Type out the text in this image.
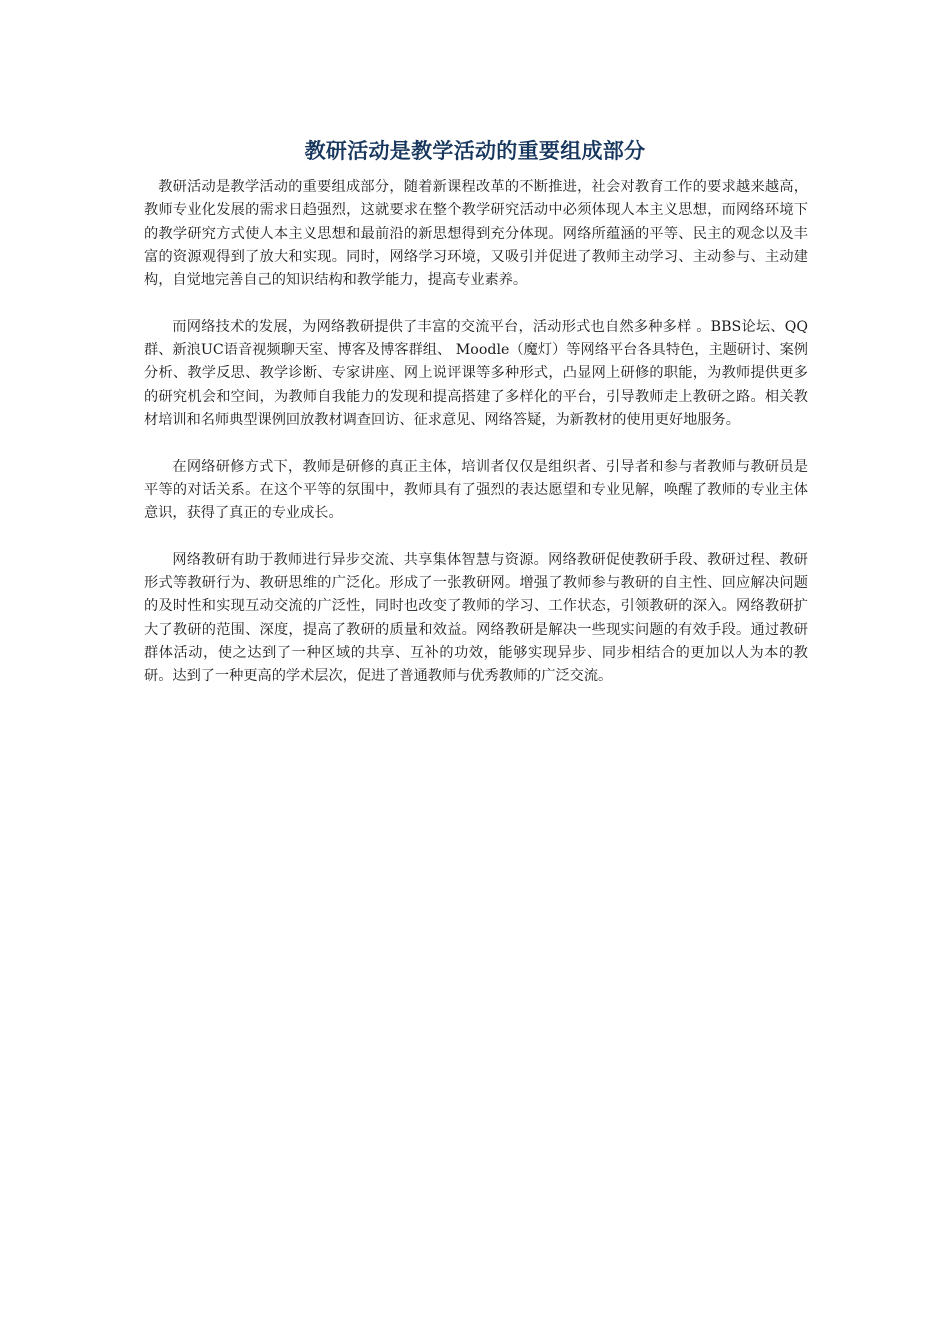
教研活动是教学活动的重要组成部分

教研活动是教学活动的重要组成部分，随着新课程改革的不断推进，社会对教育工作的要求越来越高，教师专业化发展的需求日趋强烈，这就要求在整个教学研究活动中必须体现人本主义思想，而网络环境下的教学研究方式使人本主义思想和最前沿的新思想得到充分体现。网络所蕴涵的平等、民主的观念以及丰富的资源观得到了放大和实现。同时，网络学习环境，又吸引并促进了教师主动学习、主动参与、主动建构，自觉地完善自己的知识结构和教学能力，提高专业素养。

而网络技术的发展，为网络教研提供了丰富的交流平台，活动形式也自然多种多样 。BBS论坛、QQ群、新浪UC语音视频聊天室、博客及博客群组、 Moodle（魔灯）等网络平台各具特色，主题研讨、案例分析、教学反思、教学诊断、专家讲座、网上说评课等多种形式，凸显网上研修的职能，为教师提供更多的研究机会和空间，为教师自我能力的发现和提高搭建了多样化的平台，引导教师走上教研之路。相关教材培训和名师典型课例回放教材调查回访、征求意见、网络答疑，为新教材的使用更好地服务。

在网络研修方式下，教师是研修的真正主体，培训者仅仅是组织者、引导者和参与者教师与教研员是平等的对话关系。在这个平等的氛围中，教师具有了强烈的表达愿望和专业见解，唤醒了教师的专业主体意识，获得了真正的专业成长。

网络教研有助于教师进行异步交流、共享集体智慧与资源。网络教研促使教研手段、教研过程、教研形式等教研行为、教研思维的广泛化。形成了一张教研网。增强了教师参与教研的自主性、回应解决问题的及时性和实现互动交流的广泛性，同时也改变了教师的学习、工作状态，引领教研的深入。网络教研扩大了教研的范围、深度，提高了教研的质量和效益。网络教研是解决一些现实问题的有效手段。通过教研群体活动，使之达到了一种区域的共享、互补的功效，能够实现异步、同步相结合的更加以人为本的教研。达到了一种更高的学术层次，促进了普通教师与优秀教师的广泛交流。
